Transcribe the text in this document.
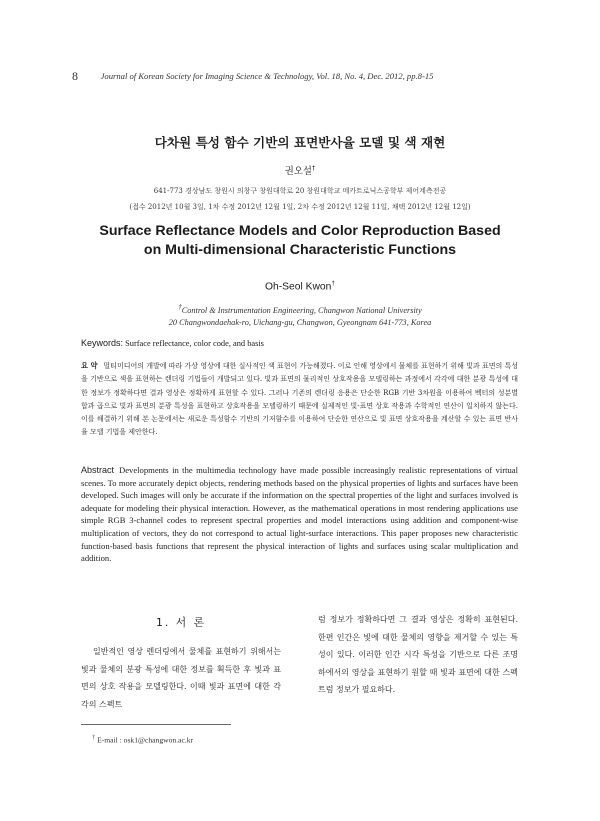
8	Journal of Korean Society for Imaging Science & Technology, Vol. 18, No. 4, Dec. 2012, pp.8-15
다차원 특성 함수 기반의 표면반사율 모델 및 색 재현
권오설†
641-773 경상남도 창원시 의창구 창원대학로 20 창원대학교 메카트로닉스공학부 제어계측전공
(접수 2012년 10월 3일, 1차 수정 2012년 12월 1일, 2차 수정 2012년 12월 11일, 채택 2012년 12월 12일)
Surface Reflectance Models and Color Reproduction Based
on Multi-dimensional Characteristic Functions
Oh-Seol Kwon†
†Control & Instrumentation Engineering, Changwon National University
20 Changwondaehak-ro, Uichang-gu, Changwon, Gyeongnam 641-773, Korea
Keywords: Surface reflectance, color code, and basis
요 약 멀티미디어의 개발에 따라 가상 영상에 대한 실사적인 색 표현이 가능해졌다. 이로 인해 영상에서 물체를 표현하기 위해 빛과 표면의 특성을 기반으로 색을 표현하는 렌더링 기법들이 개발되고 있다. 빛과 표면의 물리적인 상호작용을 모델링하는 과정에서 각각에 대한 분광 특성에 대한 정보가 정확하다면 결과 영상은 정확하게 표현할 수 있다. 그러나 기존의 렌더링 응용은 단순한 RGB 기반 3차원을 이용하여 벡터의 성분별 합과 곱으로 빛과 표면의 분광 특성을 표현하고 상호작용을 모델링하기 때문에 실제적인 빛-표면 상호 작용과 수학적인 연산이 일치하지 않는다. 이를 해결하기 위해 본 논문에서는 새로운 특성함수 기반의 기저함수를 이용하여 단순한 연산으로 빛 표면 상호작용을 계산할 수 있는 표면 반사율 모델 기법을 제안한다.
Abstract Developments in the multimedia technology have made possible increasingly realistic representations of virtual scenes. To more accurately depict objects, rendering methods based on the physical properties of lights and surfaces have been developed. Such images will only be accurate if the information on the spectral properties of the light and surfaces involved is adequate for modeling their physical interaction. However, as the mathematical operations in most rendering applications use simple RGB 3-channel codes to represent spectral properties and model interactions using addition and component-wise multiplication of vectors, they do not correspond to actual light-surface interactions. This paper proposes new characteristic function-based basis functions that represent the physical interaction of lights and surfaces using scalar multiplication and addition.
1. 서 론
일반적인 영상 렌더링에서 물체를 표현하기 위해서는 빛과 물체의 분광 특성에 대한 정보를 획득한 후 빛과 표면의 상호 작용을 모델링한다. 이때 빛과 표면에 대한 각각의 스펙트
럼 정보가 정확하다면 그 결과 영상은 정확히 표현된다. 한편 인간은 빛에 대한 물체의 영향을 제거할 수 있는 특성이 있다. 이러한 인간 시각 특성을 기반으로 다른 조명하에서의 영상을 표현하기 원할 때 빛과 표면에 대한 스펙트럼 정보가 필요하다.
† E-mail : osk1@changwon.ac.kr
